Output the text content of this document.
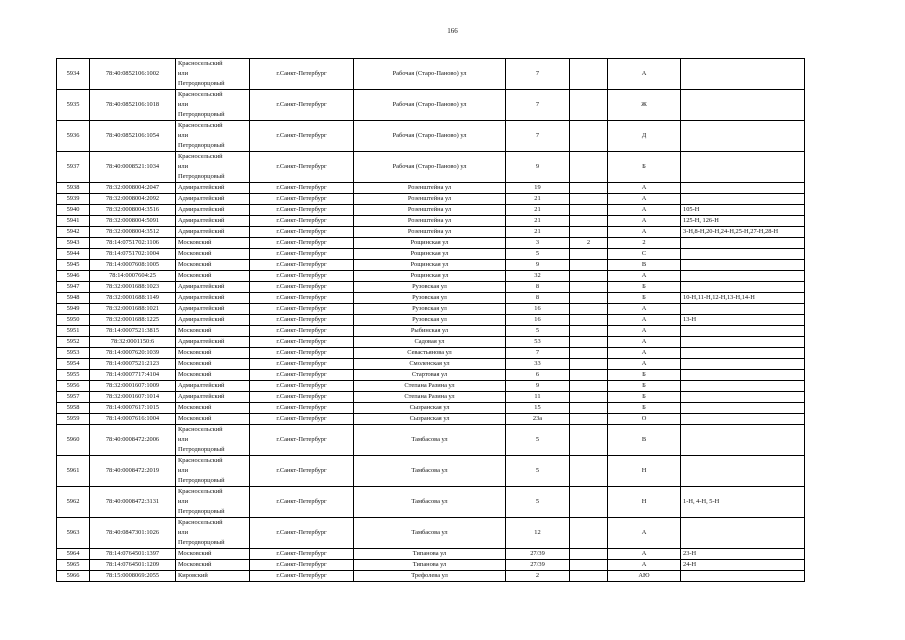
166
5934	78:40:0852106:1002	Красносельский
или
Петродворцовый	г.Санкт-Петербург	Рабочая (Старо-Паново) ул	7		А	
5935	78:40:0852106:1018	Красносельский
или
Петродворцовый	г.Санкт-Петербург	Рабочая (Старо-Паново) ул	7		Ж	
5936	78:40:0852106:1054	Красносельский
или
Петродворцовый	г.Санкт-Петербург	Рабочая (Старо-Паново) ул	7		Д	
5937	78:40:0008521:1034	Красносельский
или
Петродворцовый	г.Санкт-Петербург	Рабочая (Старо-Паново) ул	9		Б	
5938	78:32:0008004:2047	Адмиралтейский	г.Санкт-Петербург	Розенштейна ул	19		А	
5939	78:32:0008004:2092	Адмиралтейский	г.Санкт-Петербург	Розенштейна ул	21		А	
5940	78:32:0008004:3516	Адмиралтейский	г.Санкт-Петербург	Розенштейна ул	21		А	105-Н
5941	78:32:0008004:5091	Адмиралтейский	г.Санкт-Петербург	Розенштейна ул	21		А	125-Н, 126-Н
5942	78:32:0008004:3512	Адмиралтейский	г.Санкт-Петербург	Розенштейна ул	21		А	3-Н,8-Н,20-Н,24-Н,25-Н,27-Н,28-Н
5943	78:14:0751702:1106	Московский	г.Санкт-Петербург	Рощинская ул	3	2	2	
5944	78:14:0751702:1004	Московский	г.Санкт-Петербург	Рощинская ул	5		С	
5945	78:14:0007608:1005	Московский	г.Санкт-Петербург	Рощинская ул	9		В	
5946	78:14:0007604:25	Московский	г.Санкт-Петербург	Рощинская ул	32		А	
5947	78:32:0001688:1023	Адмиралтейский	г.Санкт-Петербург	Рузовская ул	8		Б	
5948	78:32:0001688:1149	Адмиралтейский	г.Санкт-Петербург	Рузовская ул	8		Б	10-Н,11-Н,12-Н,13-Н,14-Н
5949	78:32:0001688:1021	Адмиралтейский	г.Санкт-Петербург	Рузовская ул	16		А	
5950	78:32:0001688:1225	Адмиралтейский	г.Санкт-Петербург	Рузовская ул	16		А	13-Н
5951	78:14:0007521:3815	Московский	г.Санкт-Петербург	Рыбинская ул	5		А	
5952	78:32:0001150:6	Адмиралтейский	г.Санкт-Петербург	Садовая ул	53		А	
5953	78:14:0007620:1039	Московский	г.Санкт-Петербург	Севастьянова ул	7		А	
5954	78:14:0007521:2123	Московский	г.Санкт-Петербург	Смоленская ул	33		А	
5955	78:14:0007717:4104	Московский	г.Санкт-Петербург	Стартовая ул	6		Б	
5956	78:32:0001607:1009	Адмиралтейский	г.Санкт-Петербург	Степана Разина ул	9		Б	
5957	78:32:0001607:1014	Адмиралтейский	г.Санкт-Петербург	Степана Разина ул	11		Б	
5958	78:14:0007617:1015	Московский	г.Санкт-Петербург	Сызранская ул	15		Б	
5959	78:14:0007616:1004	Московский	г.Санкт-Петербург	Сызранская ул	23а		О	
5960	78:40:0008472:2006	Красносельский
или
Петродворцовый	г.Санкт-Петербург	Тамбасова ул	5		В	
5961	78:40:0008472:2019	Красносельский
или
Петродворцовый	г.Санкт-Петербург	Тамбасова ул	5		Н	
5962	78:40:0008472:3131	Красносельский
или
Петродворцовый	г.Санкт-Петербург	Тамбасова ул	5		Н	1-Н, 4-Н, 5-Н
5963	78:40:0847301:1026	Красносельский
или
Петродворцовый	г.Санкт-Петербург	Тамбасова ул	12		А	
5964	78:14:0764501:1397	Московский	г.Санкт-Петербург	Типанова ул	27/39		А	23-Н
5965	78:14:0764501:1209	Московский	г.Санкт-Петербург	Типанова ул	27/39		А	24-Н
5966	78:15:0008069:2055	Кировский	г.Санкт-Петербург	Трефолева ул	2		АЮ	
